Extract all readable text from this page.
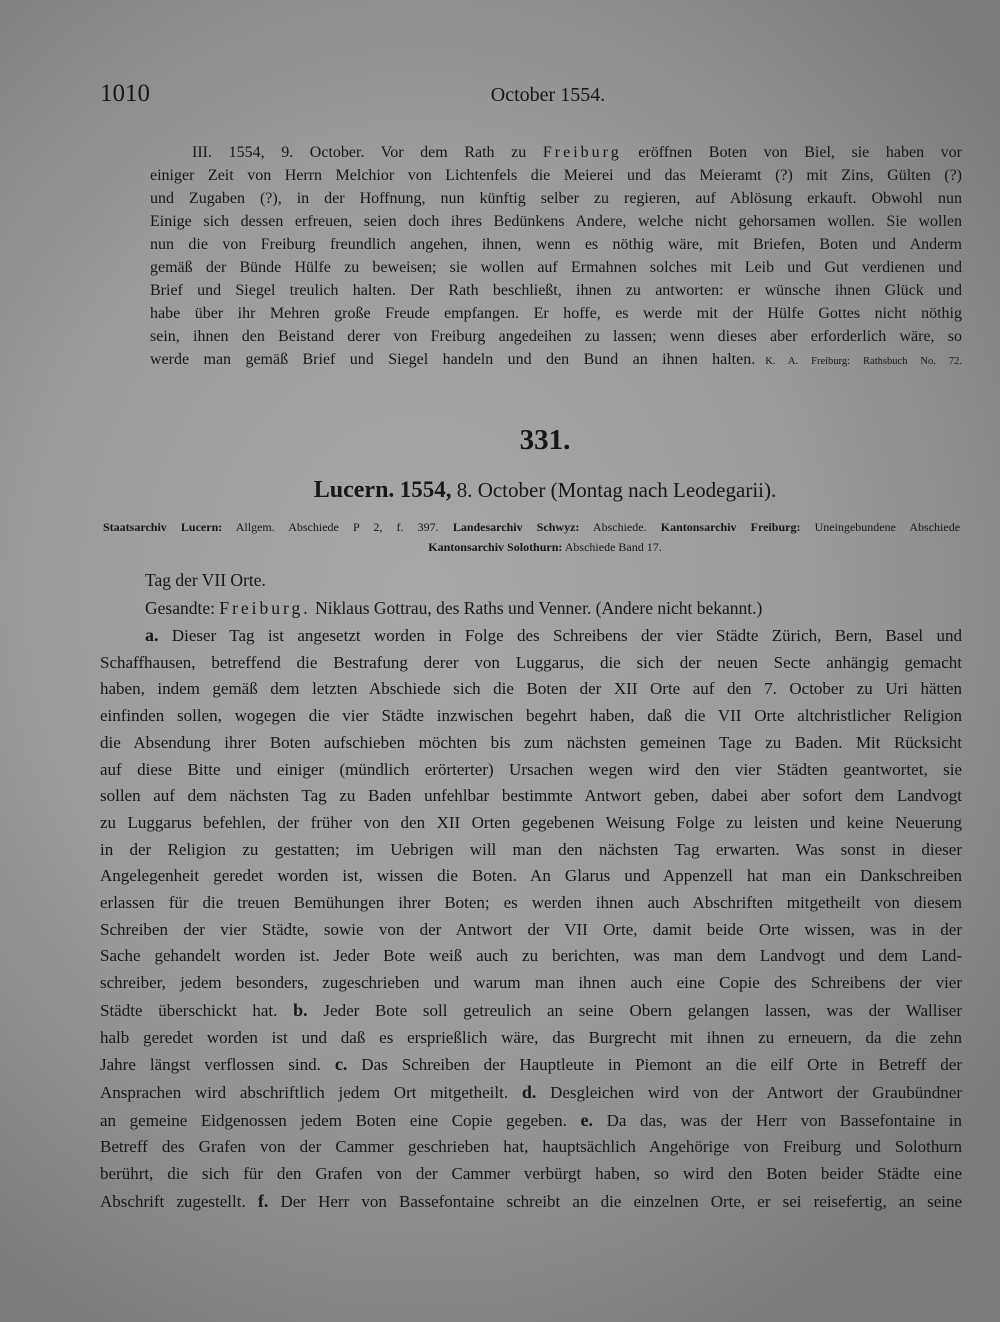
1010	October 1554.
III. 1554, 9. October. Vor dem Rath zu Freiburg eröffnen Boten von Biel, sie haben vor
einiger Zeit von Herrn Melchior von Lichtenfels die Meierei und das Meieramt (?) mit Zins, Gülten (?)
und Zugaben (?), in der Hoffnung, nun künftig selber zu regieren, auf Ablösung erkauft. Obwohl nun
Einige sich dessen erfreuen, seien doch ihres Bedünkens Andere, welche nicht gehorsamen wollen. Sie wollen
nun die von Freiburg freundlich angehen, ihnen, wenn es nöthig wäre, mit Briefen, Boten und Anderm
gemäß der Bünde Hülfe zu beweisen; sie wollen auf Ermahnen solches mit Leib und Gut verdienen und
Brief und Siegel treulich halten. Der Rath beschließt, ihnen zu antworten: er wünsche ihnen Glück und
habe über ihr Mehren große Freude empfangen. Er hoffe, es werde mit der Hülfe Gottes nicht nöthig
sein, ihnen den Beistand derer von Freiburg angedeihen zu lassen; wenn dieses aber erforderlich wäre, so
werde man gemäß Brief und Siegel handeln und den Bund an ihnen halten. K. A. Freiburg: Rathsbuch No. 72.
331.
Lucern. 1554, 8. October (Montag nach Leodegarii).
Staatsarchiv Lucern: Allgem. Abschiede P 2, f. 397. Landesarchiv Schwyz: Abschiede. Kantonsarchiv Freiburg: Uneingebundene Abschiede
Kantonsarchiv Solothurn: Abschiede Band 17.
Tag der VII Orte.
Gesandte: Freiburg. Niklaus Gottrau, des Raths und Venner. (Andere nicht bekannt.)
a. Dieser Tag ist angesetzt worden in Folge des Schreibens der vier Städte Zürich, Bern, Basel und
Schaffhausen, betreffend die Bestrafung derer von Luggarus, die sich der neuen Secte anhängig gemacht
haben, indem gemäß dem letzten Abschiede sich die Boten der XII Orte auf den 7. October zu Uri hätten
einfinden sollen, wogegen die vier Städte inzwischen begehrt haben, daß die VII Orte altchristlicher Religion
die Absendung ihrer Boten aufschieben möchten bis zum nächsten gemeinen Tage zu Baden. Mit Rücksicht
auf diese Bitte und einiger (mündlich erörterter) Ursachen wegen wird den vier Städten geantwortet, sie
sollen auf dem nächsten Tag zu Baden unfehlbar bestimmte Antwort geben, dabei aber sofort dem Landvogt
zu Luggarus befehlen, der früher von den XII Orten gegebenen Weisung Folge zu leisten und keine Neuerung
in der Religion zu gestatten; im Uebrigen will man den nächsten Tag erwarten. Was sonst in dieser
Angelegenheit geredet worden ist, wissen die Boten. An Glarus und Appenzell hat man ein Dankschreiben
erlassen für die treuen Bemühungen ihrer Boten; es werden ihnen auch Abschriften mitgetheilt von diesem
Schreiben der vier Städte, sowie von der Antwort der VII Orte, damit beide Orte wissen, was in der
Sache gehandelt worden ist. Jeder Bote weiß auch zu berichten, was man dem Landvogt und dem Land-
schreiber, jedem besonders, zugeschrieben und warum man ihnen auch eine Copie des Schreibens der vier
Städte überschickt hat. b. Jeder Bote soll getreulich an seine Obern gelangen lassen, was der Walliser
halb geredet worden ist und daß es ersprießlich wäre, das Burgrecht mit ihnen zu erneuern, da die zehn
Jahre längst verflossen sind. c. Das Schreiben der Hauptleute in Piemont an die eilf Orte in Betreff der
Ansprachen wird abschriftlich jedem Ort mitgetheilt. d. Desgleichen wird von der Antwort der Graubündner
an gemeine Eidgenossen jedem Boten eine Copie gegeben. e. Da das, was der Herr von Bassefontaine in
Betreff des Grafen von der Cammer geschrieben hat, hauptsächlich Angehörige von Freiburg und Solothurn
berührt, die sich für den Grafen von der Cammer verbürgt haben, so wird den Boten beider Städte eine
Abschrift zugestellt. f. Der Herr von Bassefontaine schreibt an die einzelnen Orte, er sei reisefertig, an seine
